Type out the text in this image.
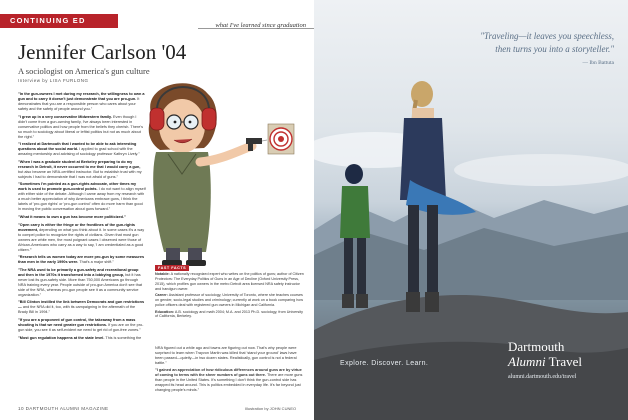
CONTINUING ED
what I've learned since graduation
Jennifer Carlson '04
A sociologist on America's gun culture
Interview by LISA FURLONG

"In the gun-owners I met during my research, the willingness to own a gun and to carry it doesn't just demonstrate that you are pro-gun. It demonstrates that you are a responsible person who cares about your safety and the safety of people around you."

"I grew up in a very conservative Midwestern family. Even though I didn't come from a gun-owning family, I've always been interested in conservative politics and how people from the beliefs they cherish. There's so much to sociology about liberal or leftist politics but not as much about the right."

"I realized at Dartmouth that I wanted to be able to ask interesting questions about the social world. I applied to grad school with the amazing mentorship and advising of sociology professor Kathryn Lively."

"When I was a graduate student at Berkeley preparing to do my research in Detroit, it never occurred to me that I would carry a gun, but also became an NRA-certified instructor. But to establish trust with my subjects I had to demonstrate that I was not afraid of guns."

"Sometimes I'm pointed as a gun-rights advocate, other times my work is used to promote gun-control points. I do not want to align myself with either side of the debate. Although I came away from my research with a much better appreciation of why Americans embrace guns, I think the labels of 'pro-gun rights' or 'pro-gun control' often do more harm than good in moving the public conversation about guns forward."

"What it means to own a gun has become more politicized."

"Open carry is either the fringe or the frontlines of the gun-rights movement, depending on what you think about it. In some cases it's a way to compel police to recognize the rights of civilians. Given that most gun owners are white men, the most poignant cases I observed were those of African-Americans who carry as a way to say, 'I am credentialed as a good citizen.'"

"Research tells us women today are more pro-gun by some measures than men in the early 1990s were. That's a major shift."

"The NRA used to be primarily a gun-safety and recreational group and then in the 1970s it transformed into a lobbying group, but it has never lost its gun-safety side. More than 750,000 Americans go through NRA training every year. People outside of pro-gun America don't see that side of the NRA, whereas pro-gun people see it as a community service organization."

"Bill Clinton instilled the link between Democrats and gun restrictions— and the NRA did it, too, with its campaigning in the aftermath of the Brady Bill in 1994."

"If you are a proponent of gun control, the takeaway from a mass shooting is that we need greater gun restrictions. If you are on the pro-gun side, you see it as self-evident we need to get rid of gun-free zones."

"Most gun regulation happens at the state level. This is something the

FAST FACTS

Notable: A nationally recognized expert who writes on the politics of guns; author of Citizen Protectors: The Everyday Politics of Guns in an Age of Decline (Oxford University Press, 2015), which profiles gun owners in the metro Detroit area licensed NRA safety instructor and handgun owner.

Career: Assistant professor of sociology, University of Toronto, where she teaches courses on gender, socio-legal studies and criminology; currently at work on a book comparing how police officers deal with registered gun owners in Michigan and California.

Education: A.B. sociology and math 2004; M.A. and 2013 Ph.D. sociology, from University of California, Berkeley.

NRA figured out a while ago and towns are figuring out now. That's why people were surprised to learn when Trayvon Martin was killed that 'stand your ground' laws have been passed—quietly—in two dozen states. Realistically, gun control is not a federal battle."

"I gained an appreciation of how ridiculous differences around guns are by virtue of coming to terms with the sheer numbers of guns out there. There are more guns than people in the United States. It's something I don't think the gun-control side has wrapped its head around. This is politics embedded in everyday life. It's far beyond just changing people's minds."

10 DARTMOUTH ALUMNI MAGAZINE	Illustration by JOHN CUNEO
"Traveling—it leaves you speechless,
then turns you into a storyteller."
— Ibn Battuta
Explore. Discover. Learn.
Dartmouth
Alumni Travel
alumni.dartmouth.edu/travel
